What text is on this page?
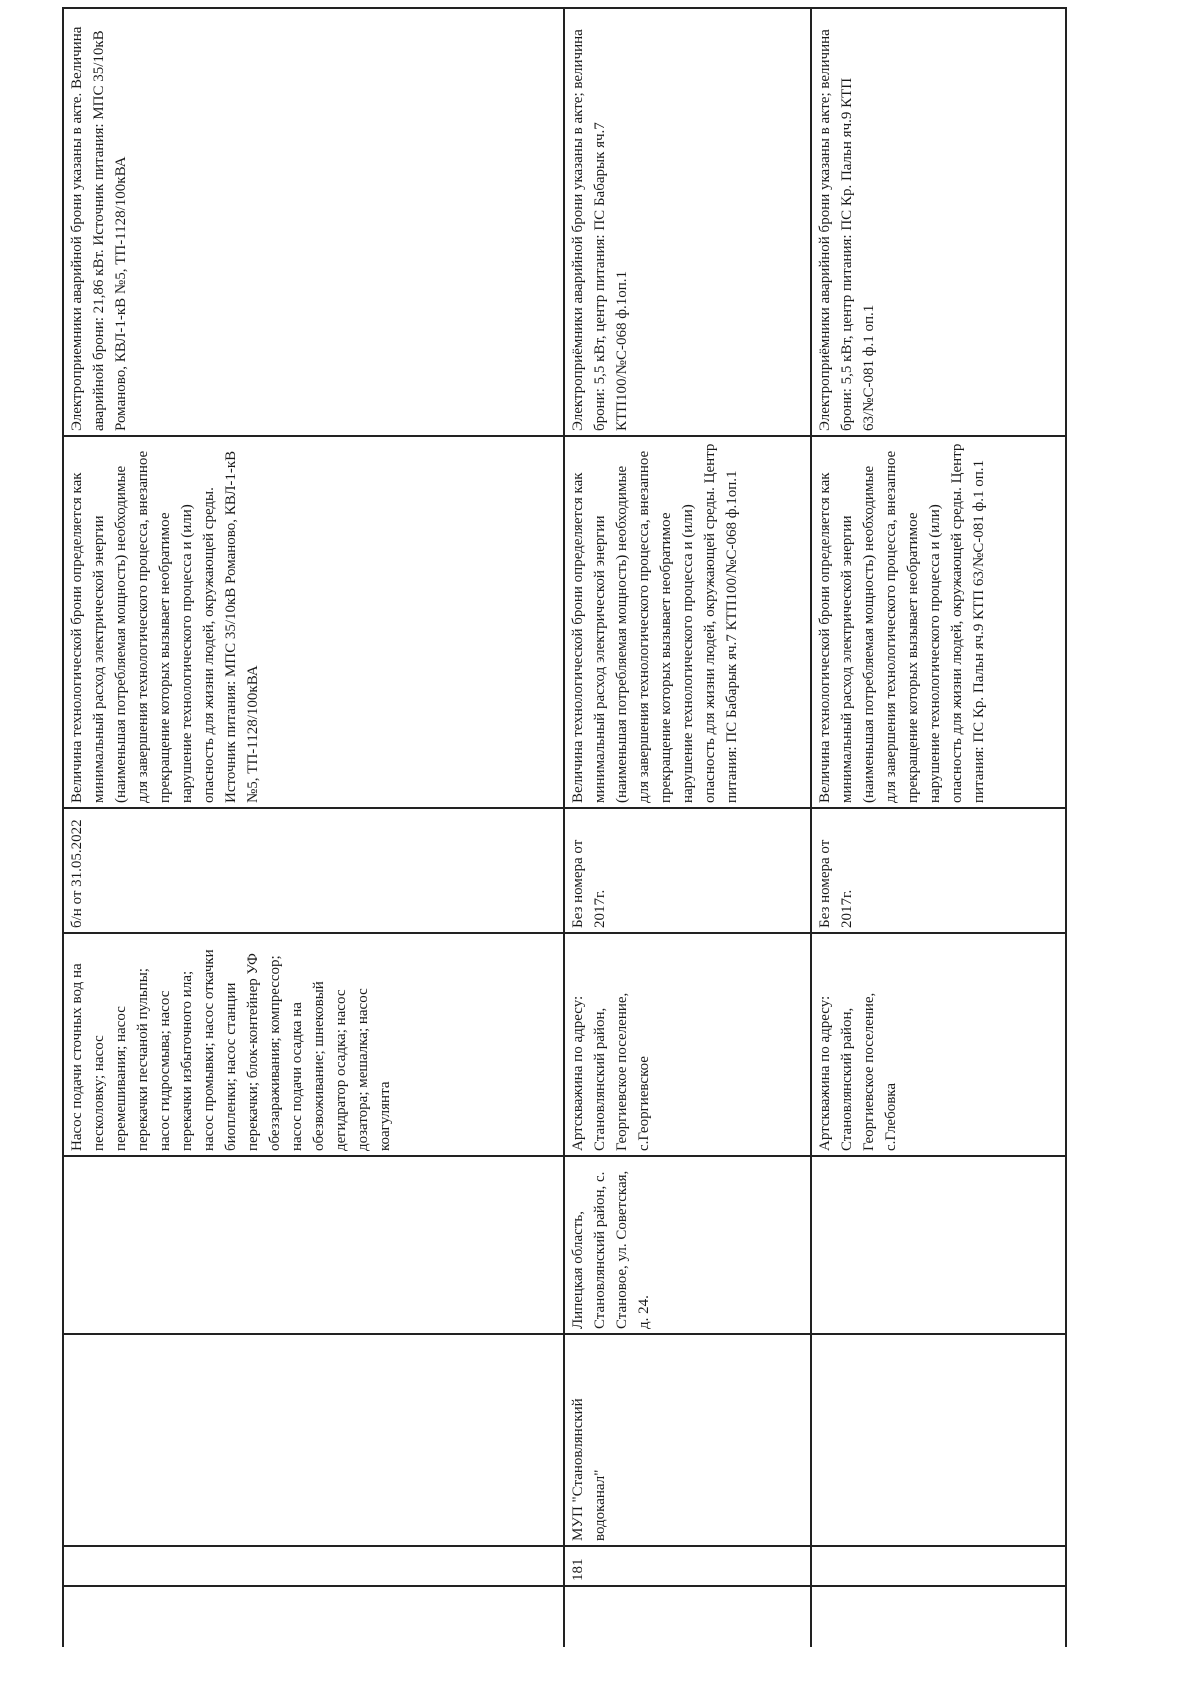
Насос подачи сточных вод на песколовку; насос перемешивания; насос перекачки песчаной пульпы; насос гидросмыва; насос перекачки избыточного ила; насос промывки; насос откачки биопленки; насос станции перекачки; блок-контейнер УФ обеззараживания; компрессор; насос подачи осадка на обезвоживание; шнековый дегидратор осадка; насос дозатора; мешалка; насос коагулянта
б/н от 31.05.2022
Величина технологической брони определяется как минимальный расход электрической энергии (наименьшая потребляемая мощность) необходимые для завершения технологического процесса, внезапное прекращение которых вызывает необратимое нарушение технологического процесса и (или) опасность для жизни людей, окружающей среды. Источник питания: МПС 35/10кВ Романово, КВЛ-1-кВ №5, ТП-1128/100кВА
Электроприемники аварийной брони указаны в акте. Величина аварийной брони: 21,86 кВт. Источник питания: МПС 35/10кВ Романово, КВЛ-1-кВ №5, ТП-1128/100кВА
181
МУП "Становлянский водоканал"
Липецкая область, Становлянский район, с. Становое, ул. Советская, д. 24.
Артскважина по адресу: Становлянский район, Георгиевское поселение, с.Георгиевское
Без номера от 2017г.
Величина технологической брони определяется как минимальный расход электрической энергии (наименьшая потребляемая мощность) необходимые для завершения технологического процесса, внезапное прекращение которых вызывает необратимое нарушение технологического процесса и (или) опасность для жизни людей, окружающей среды. Центр питания: ПС Бабарык яч.7 КТП100/№С-068 ф.1оп.1
Электроприёмники аварийной брони указаны в акте; величина брони: 5,5 кВт, центр питания: ПС Бабарык яч.7 КТП100/№С-068 ф.1оп.1
Артскважина по адресу: Становлянский район, Георгиевское поселение, с.Глебовка
Без номера от 2017г.
Величина технологической брони определяется как минимальный расход электрической энергии (наименьшая потребляемая мощность) необходимые для завершения технологического процесса, внезапное прекращение которых вызывает необратимое нарушение технологического процесса и (или) опасность для жизни людей, окружающей среды. Центр питания: ПС Кр. Пальн яч.9 КТП 63/№С-081 ф.1 оп.1
Электроприёмники аварийной брони указаны в акте; величина брони: 5,5 кВт, центр питания: ПС Кр. Пальн яч.9 КТП 63/№С-081 ф.1 оп.1
